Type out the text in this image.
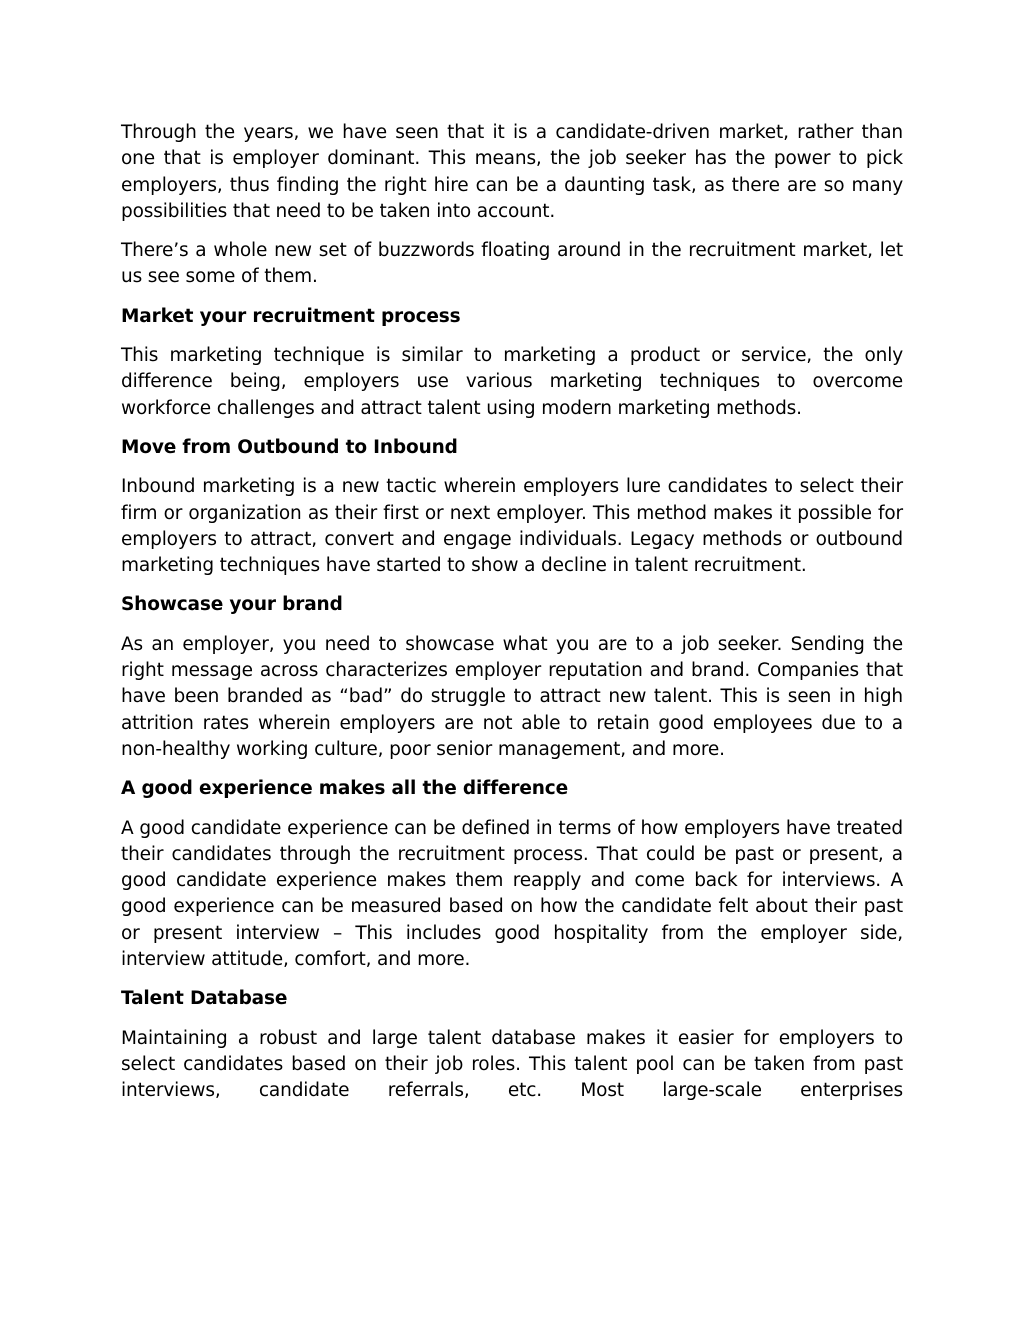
Through the years, we have seen that it is a candidate-driven market, rather than one that is employer dominant. This means, the job seeker has the power to pick employers, thus finding the right hire can be a daunting task, as there are so many possibilities that need to be taken into account.

There’s a whole new set of buzzwords floating around in the recruitment market, let us see some of them.

Market your recruitment process

This marketing technique is similar to marketing a product or service, the only difference being, employers use various marketing techniques to overcome workforce challenges and attract talent using modern marketing methods.

Move from Outbound to Inbound

Inbound marketing is a new tactic wherein employers lure candidates to select their firm or organization as their first or next employer. This method makes it possible for employers to attract, convert and engage individuals. Legacy methods or outbound marketing techniques have started to show a decline in talent recruitment.

Showcase your brand

As an employer, you need to showcase what you are to a job seeker. Sending the right message across characterizes employer reputation and brand. Companies that have been branded as “bad” do struggle to attract new talent. This is seen in high attrition rates wherein employers are not able to retain good employees due to a non-healthy working culture, poor senior management, and more.

A good experience makes all the difference

A good candidate experience can be defined in terms of how employers have treated their candidates through the recruitment process. That could be past or present, a good candidate experience makes them reapply and come back for interviews. A good experience can be measured based on how the candidate felt about their past or present interview – This includes good hospitality from the employer side, interview attitude, comfort, and more.

Talent Database

Maintaining a robust and large talent database makes it easier for employers to select candidates based on their job roles. This talent pool can be taken from past interviews, candidate referrals, etc. Most large-scale enterprises
